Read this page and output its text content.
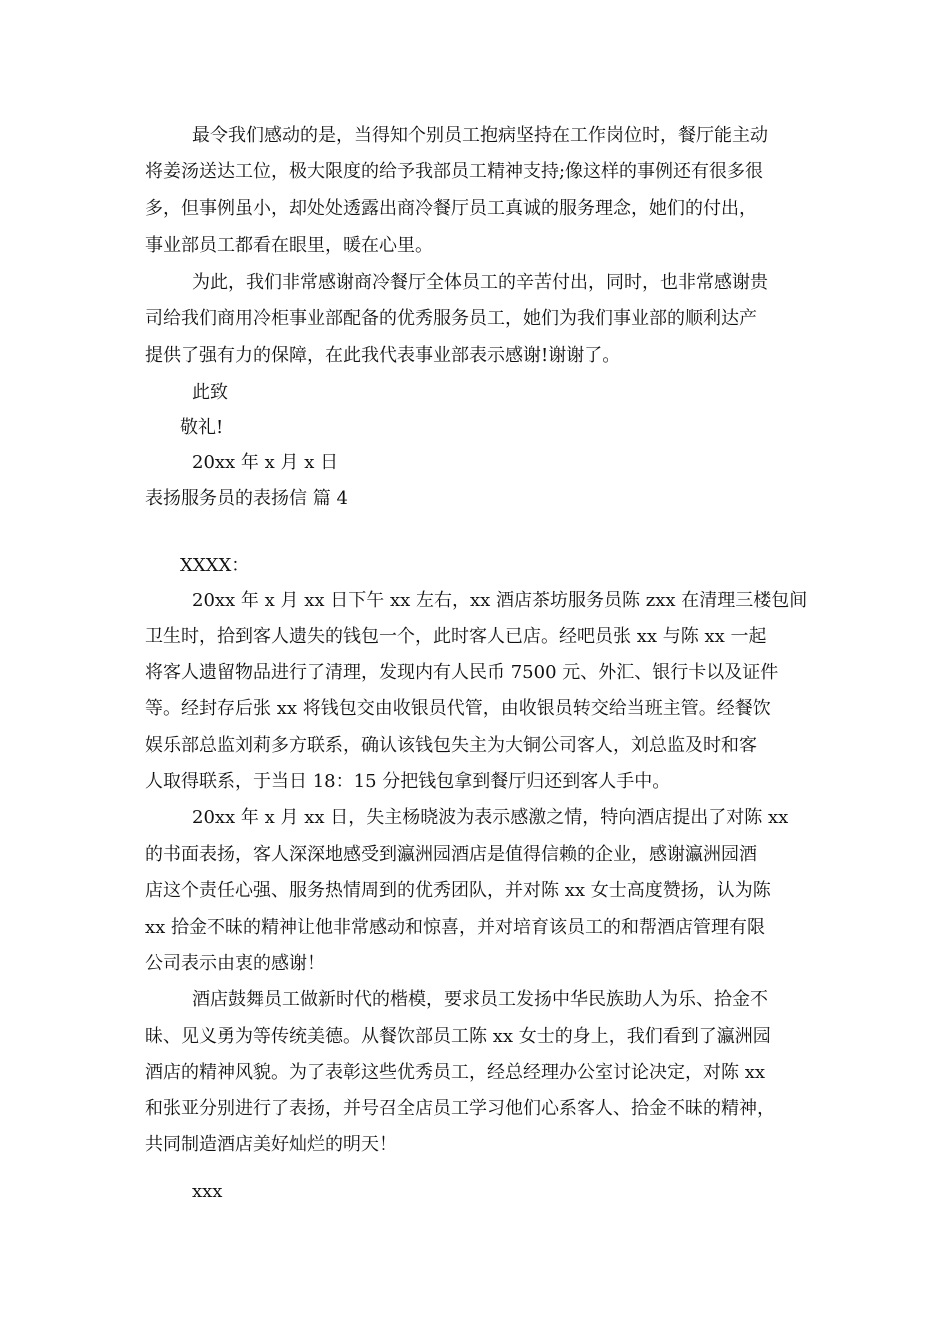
最令我们感动的是，当得知个别员工抱病坚持在工作岗位时，餐厅能主动
将姜汤送达工位，极大限度的给予我部员工精神支持;像这样的事例还有很多很
多，但事例虽小，却处处透露出商冷餐厅员工真诚的服务理念，她们的付出，
事业部员工都看在眼里，暖在心里。
为此，我们非常感谢商冷餐厅全体员工的辛苦付出，同时，也非常感谢贵
司给我们商用冷柜事业部配备的优秀服务员工，她们为我们事业部的顺利达产
提供了强有力的保障，在此我代表事业部表示感谢!谢谢了。
此致
敬礼!
20xx 年 x 月 x 日
表扬服务员的表扬信 篇 4
XXXX：
20xx 年 x 月 xx 日下午 xx 左右，xx 酒店茶坊服务员陈 zxx 在清理三楼包间
卫生时，拾到客人遗失的钱包一个，此时客人已店。经吧员张 xx 与陈 xx 一起
将客人遗留物品进行了清理，发现内有人民币 7500 元、外汇、银行卡以及证件
等。经封存后张 xx 将钱包交由收银员代管，由收银员转交给当班主管。经餐饮
娱乐部总监刘莉多方联系，确认该钱包失主为大铜公司客人，刘总监及时和客
人取得联系，于当日 18：15 分把钱包拿到餐厅归还到客人手中。
20xx 年 x 月 xx 日，失主杨晓波为表示感激之情，特向酒店提出了对陈 xx
的书面表扬，客人深深地感受到瀛洲园酒店是值得信赖的企业，感谢瀛洲园酒
店这个责任心强、服务热情周到的优秀团队，并对陈 xx 女士高度赞扬，认为陈
xx 拾金不昧的精神让他非常感动和惊喜，并对培育该员工的和帮酒店管理有限
公司表示由衷的感谢！
酒店鼓舞员工做新时代的楷模，要求员工发扬中华民族助人为乐、拾金不
昧、见义勇为等传统美德。从餐饮部员工陈 xx 女士的身上，我们看到了瀛洲园
酒店的精神风貌。为了表彰这些优秀员工，经总经理办公室讨论决定，对陈 xx
和张亚分别进行了表扬，并号召全店员工学习他们心系客人、拾金不昧的精神，
共同制造酒店美好灿烂的明天！
xxx
